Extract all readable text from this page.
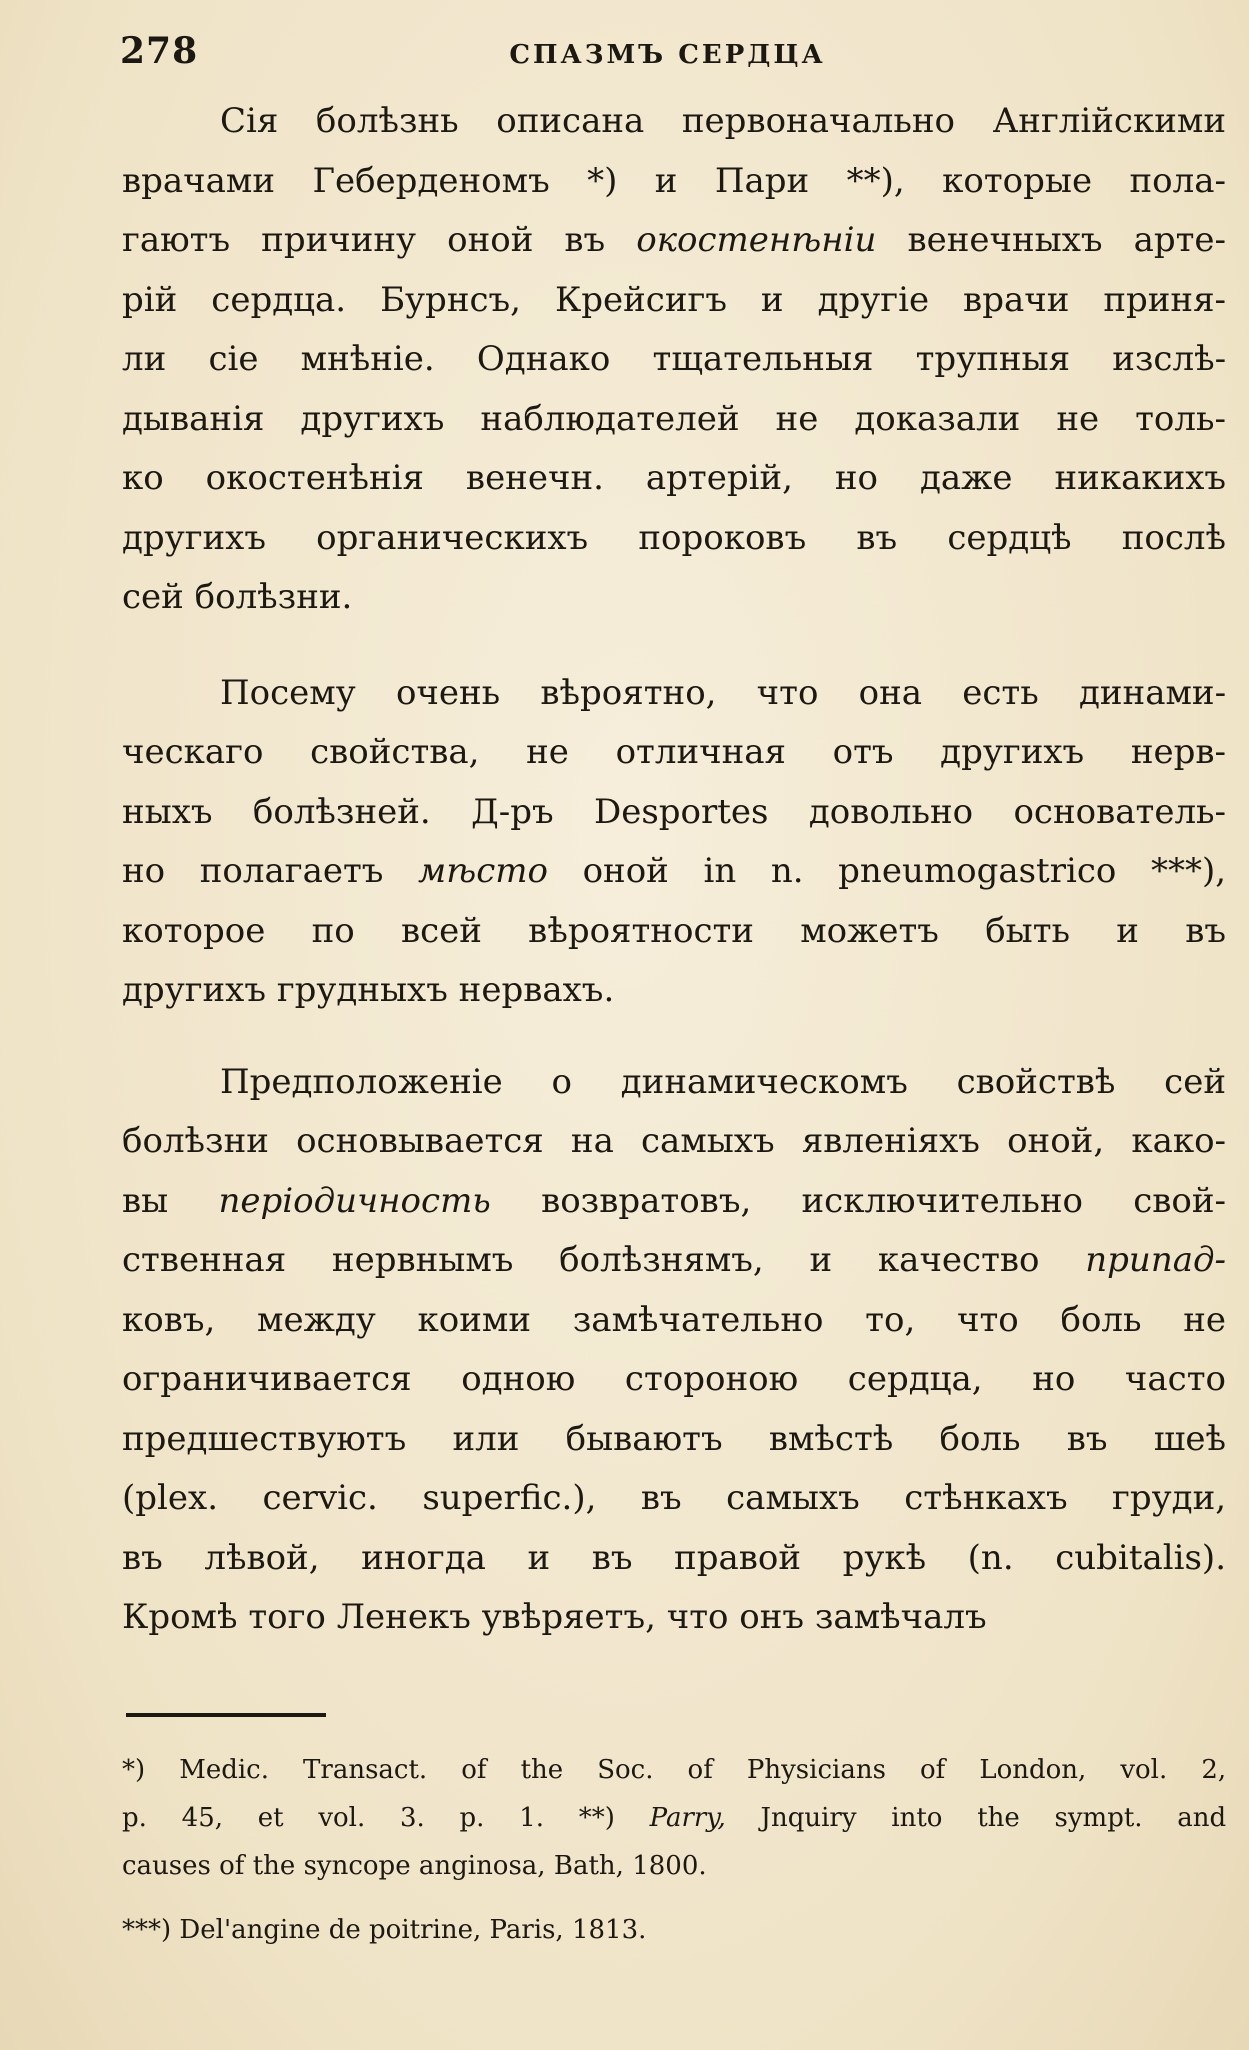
278	СПАЗМЪ СЕРДЦА

Сія болѣзнь описана первоначально Англійскими
врачами Геберденомъ *) и Пари **), которые пола-
гаютъ причину оной въ окостенѣніи венечныхъ арте-
рій сердца. Бурнсъ, Крейсигъ и другіе врачи приня-
ли сіе мнѣніе. Однако тщательныя трупныя изслѣ-
дыванія другихъ наблюдателей не доказали не толь-
ко окостенѣнія венечн. артерій, но даже никакихъ
другихъ органическихъ пороковъ въ сердцѣ послѣ
сей болѣзни.

Посему очень вѣроятно, что она есть динами-
ческаго свойства, не отличная отъ другихъ нерв-
ныхъ болѣзней. Д-ръ Desportes довольно основатель-
но полагаетъ мѣсто оной in n. pneumogastrico ***),
которое по всей вѣроятности можетъ быть и въ
другихъ грудныхъ нервахъ.

Предположеніе о динамическомъ свойствѣ сей
болѣзни основывается на самыхъ явленіяхъ оной, како-
вы періодичность возвратовъ, исключительно свой-
ственная нервнымъ болѣзнямъ, и качество припад-
ковъ, между коими замѣчательно то, что боль не
ограничивается одною стороною сердца, но часто
предшествуютъ или бываютъ вмѣстѣ боль въ шеѣ
(plex. cervic. superfic.), въ самыхъ стѣнкахъ груди,
въ лѣвой, иногда и въ правой рукѣ (n. cubitalis).
Кромѣ того Ленекъ увѣряетъ, что онъ замѣчалъ

*) Medic. Transact. of the Soc. of Physicians of London, vol. 2,
p. 45, et vol. 3. p. 1. **) Parry, Jnquiry into the sympt. and
causes of the syncope anginosa, Bath, 1800.
***) Del'angine de poitrine, Paris, 1813.
